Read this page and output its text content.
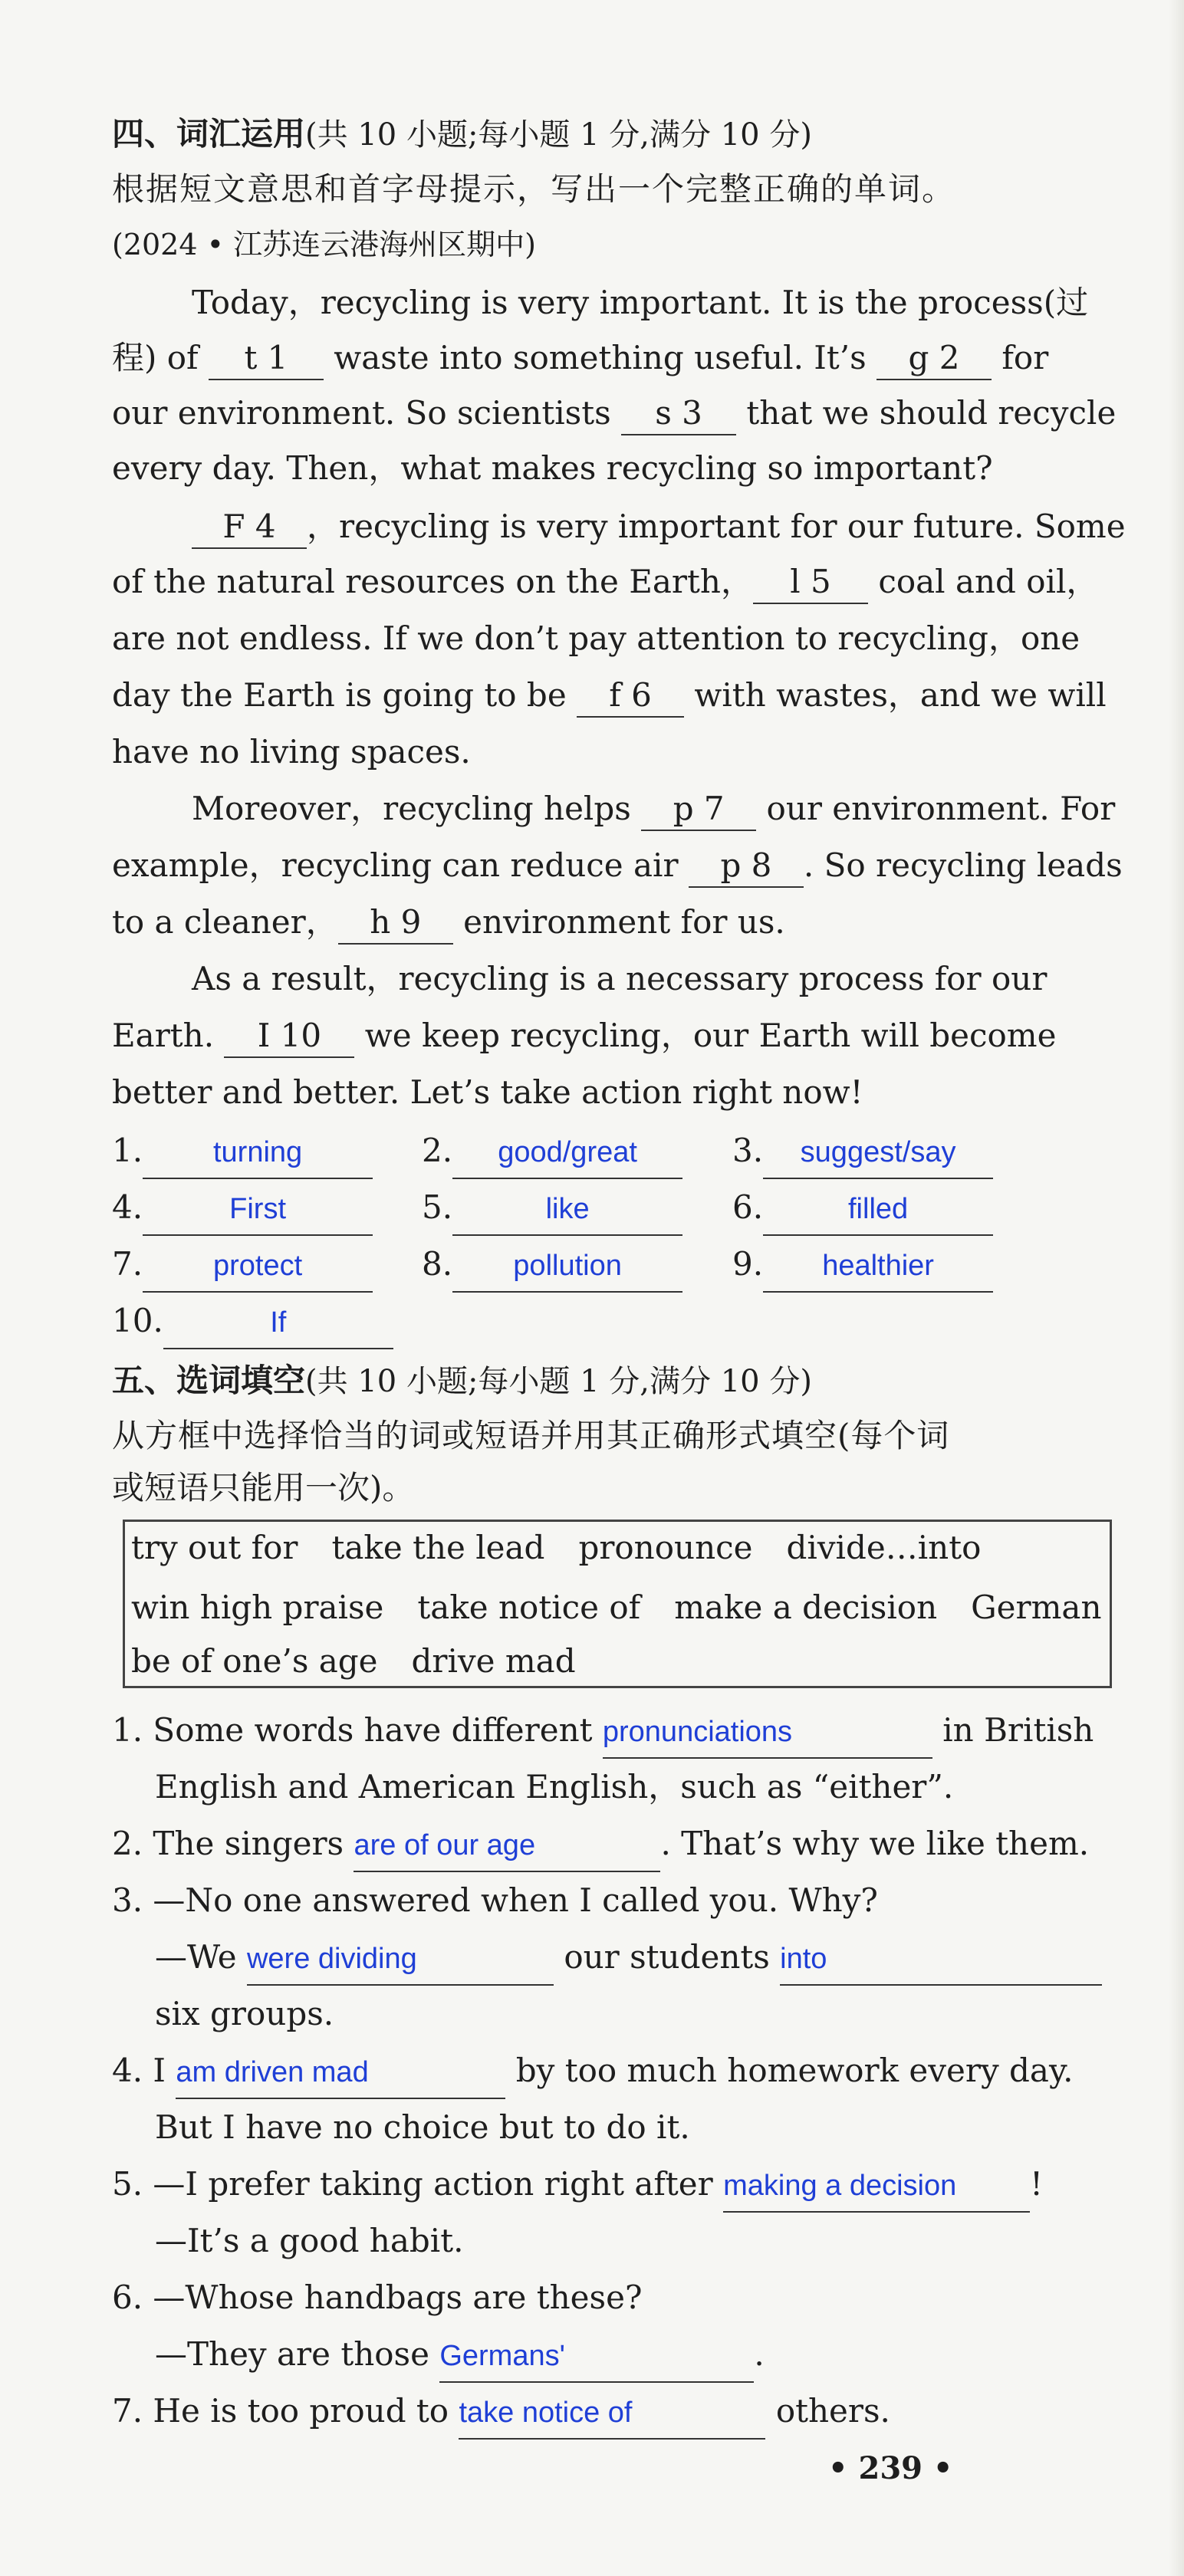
四、词汇运用(共 10 小题;每小题 1 分,满分 10 分)
根据短文意思和首字母提示，写出一个完整正确的单词。
(2024 • 江苏连云港海州区期中)
Today，recycling is very important. It is the process(过
程) of t 1 waste into something useful. It’s g 2 for
our environment. So scientists s 3 that we should recycle
every day. Then，what makes recycling so important?
F 4 ，recycling is very important for our future. Some
of the natural resources on the Earth， l 5 coal and oil，
are not endless. If we don’t pay attention to recycling，one
day the Earth is going to be f 6 with wastes，and we will
have no living spaces.
Moreover，recycling helps p 7 our environment. For
example，recycling can reduce air p 8 . So recycling leads
to a cleaner， h 9 environment for us.
As a result，recycling is a necessary process for our
Earth. I 10 we keep recycling，our Earth will become
better and better. Let’s take action right now!
1. turning	2. good/great	3. suggest/say
4.	First	5.	like	6.	filled
7. protect	8. pollution	9. healthier
10.	If
五、选词填空(共 10 小题;每小题 1 分,满分 10 分)
从方框中选择恰当的词或短语并用其正确形式填空(每个词
或短语只能用一次)。
try out for take the lead pronounce divide…into
win high praise take notice of make a decision German
be of one’s age drive mad
1. Some words have different pronunciations	in British
English and American English，such as “either”.
2. The singers are of our age	. That’s why we like them.
3. —No one answered when I called you. Why?
—We were dividing	our students into
six groups.
4. I am driven mad	by too much homework every day.
But I have no choice but to do it.
5. —I prefer taking action right after making a decision !
—It’s a good habit.
6. —Whose handbags are these?
—They are those Germans'	.
7. He is too proud to take notice of	others.
• 239 •
